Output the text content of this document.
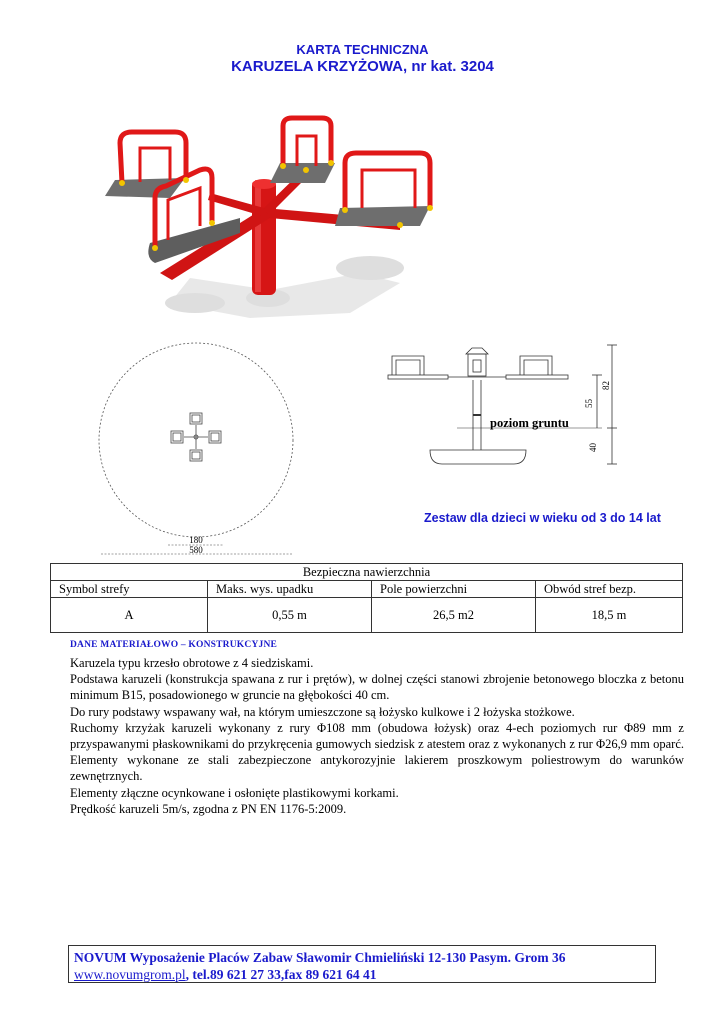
KARTA TECHNICZNA
KARUZELA KRZYŻOWA, nr kat. 3204
180
580
poziom gruntu
55
82
40
Zestaw dla dzieci w wieku od 3 do 14 lat
Bezpieczna nawierzchnia			
Symbol strefy	Maks. wys. upadku	Pole powierzchni	Obwód stref bezp.
A	0,55 m	26,5 m2	18,5 m
DANE MATERIAŁOWO – KONSTRUKCYJNE

Karuzela typu krzesło obrotowe z 4 siedziskami.

Podstawa karuzeli (konstrukcja spawana z rur i prętów), w dolnej części stanowi zbrojenie betonowego bloczka z betonu minimum B15, posadowionego w gruncie na głębokości 40 cm.

Do rury podstawy wspawany wał, na którym umieszczone są łożysko kulkowe i 2 łożyska stożkowe.

Ruchomy krzyżak karuzeli wykonany z rury Φ108 mm (obudowa łożysk) oraz 4-ech poziomych rur Φ89 mm z przyspawanymi płaskownikami do przykręcenia gumowych siedzisk z atestem oraz z wykonanych z rur Φ26,9 mm oparć. Elementy wykonane ze stali zabezpieczone antykorozyjnie lakierem proszkowym poliestrowym do warunków zewnętrznych.

Elementy złączne ocynkowane i osłonięte plastikowymi korkami.

Prędkość karuzeli 5m/s, zgodna z PN EN 1176-5:2009.

NOVUM Wyposażenie Placów Zabaw Sławomir Chmieliński 12-130 Pasym. Grom 36
www.novumgrom.pl, tel.89 621 27 33,fax 89 621 64 41
